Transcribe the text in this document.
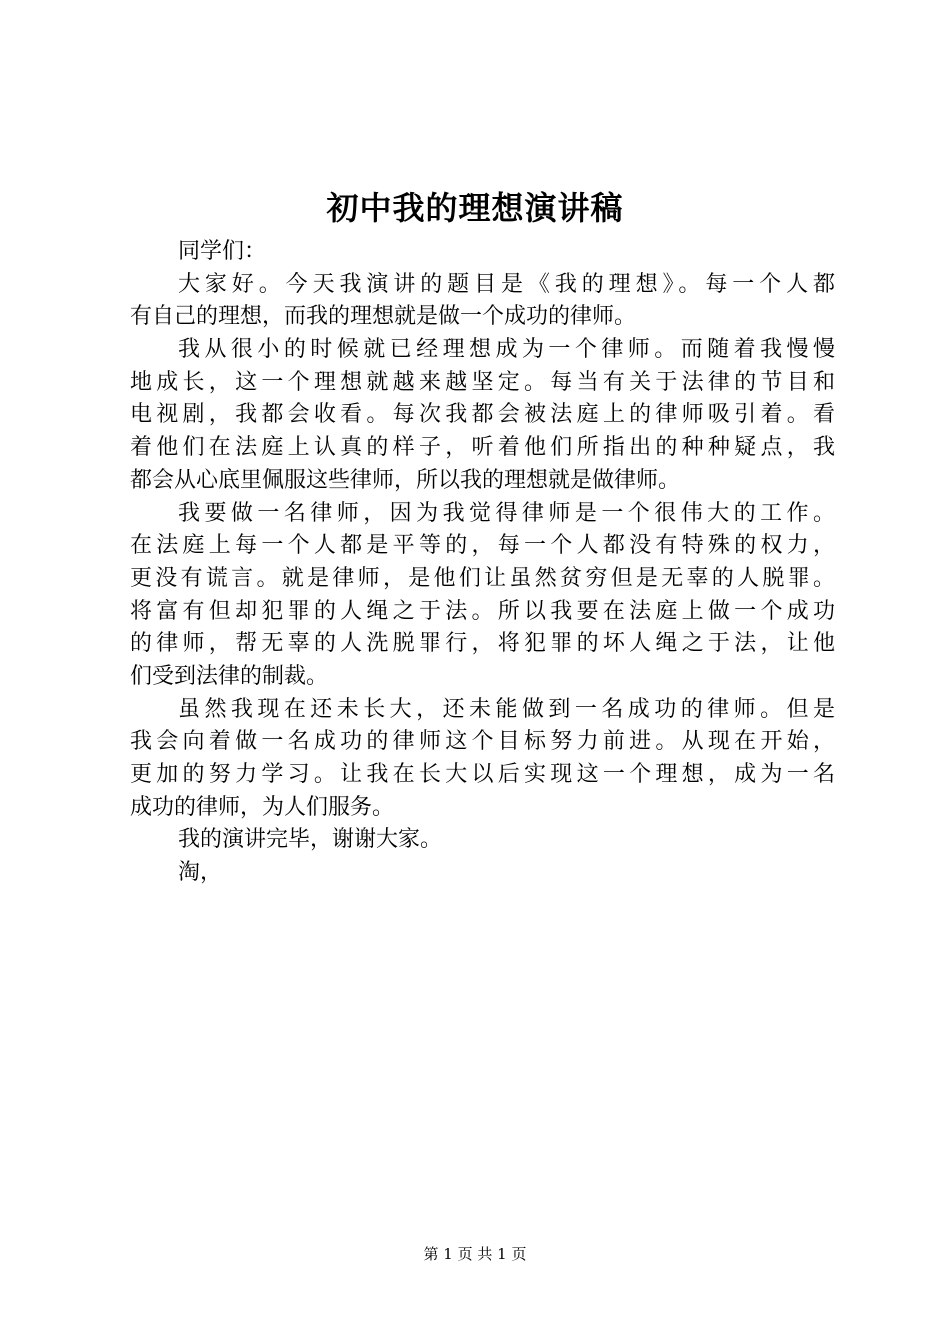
初中我的理想演讲稿
同学们：
大家好。今天我演讲的题目是《我的理想》。每一个人都
有自己的理想，而我的理想就是做一个成功的律师。
我从很小的时候就已经理想成为一个律师。而随着我慢慢
地成长，这一个理想就越来越坚定。每当有关于法律的节目和
电视剧，我都会收看。每次我都会被法庭上的律师吸引着。看
着他们在法庭上认真的样子，听着他们所指出的种种疑点，我
都会从心底里佩服这些律师，所以我的理想就是做律师。
我要做一名律师，因为我觉得律师是一个很伟大的工作。
在法庭上每一个人都是平等的，每一个人都没有特殊的权力，
更没有谎言。就是律师，是他们让虽然贫穷但是无辜的人脱罪。
将富有但却犯罪的人绳之于法。所以我要在法庭上做一个成功
的律师，帮无辜的人洗脱罪行，将犯罪的坏人绳之于法，让他
们受到法律的制裁。
虽然我现在还未长大，还未能做到一名成功的律师。但是
我会向着做一名成功的律师这个目标努力前进。从现在开始，
更加的努力学习。让我在长大以后实现这一个理想，成为一名
成功的律师，为人们服务。
我的演讲完毕，谢谢大家。
淘，
第 1 页 共 1 页
